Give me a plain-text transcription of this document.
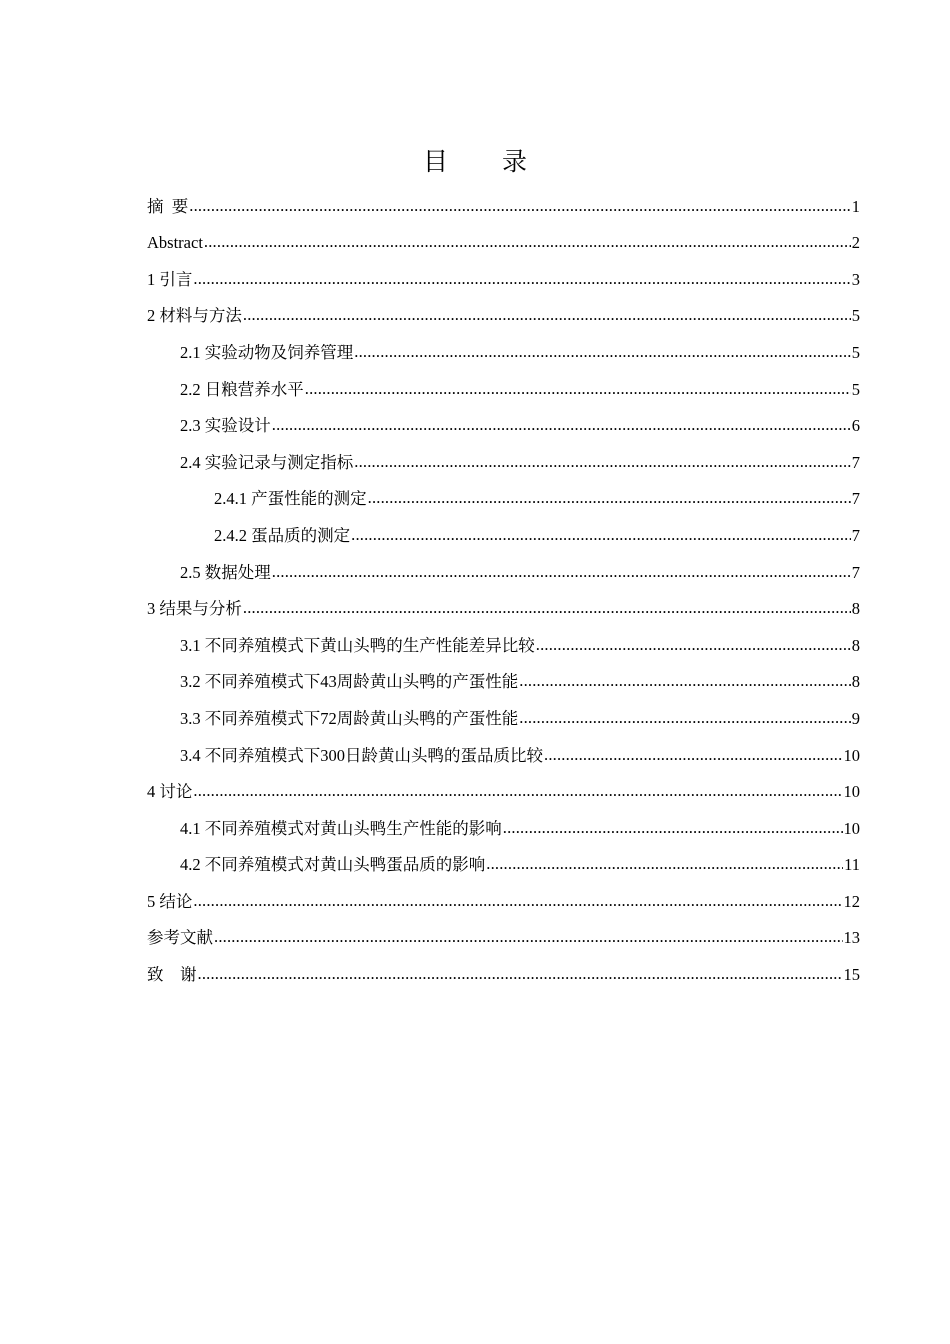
目 录
摘  要 .....	1
Abstract .....	2
1 引言 .....	3
2 材料与方法 .....	5
2.1 实验动物及饲养管理 .....	5
2.2 日粮营养水平 .....	5
2.3 实验设计 .....	6
2.4 实验记录与测定指标 .....	7
2.4.1 产蛋性能的测定 .....	7
2.4.2 蛋品质的测定 .....	7
2.5 数据处理 .....	7
3 结果与分析 .....	8
3.1 不同养殖模式下黄山头鸭的生产性能差异比较 .....	8
3.2 不同养殖模式下43周龄黄山头鸭的产蛋性能 .....	8
3.3 不同养殖模式下72周龄黄山头鸭的产蛋性能 .....	9
3.4 不同养殖模式下300日龄黄山头鸭的蛋品质比较 .....	10
4 讨论 .....	10
4.1 不同养殖模式对黄山头鸭生产性能的影响 .....	10
4.2 不同养殖模式对黄山头鸭蛋品质的影响 .....	11
5 结论 .....	12
参考文献 .....	13
致    谢 .....	15
